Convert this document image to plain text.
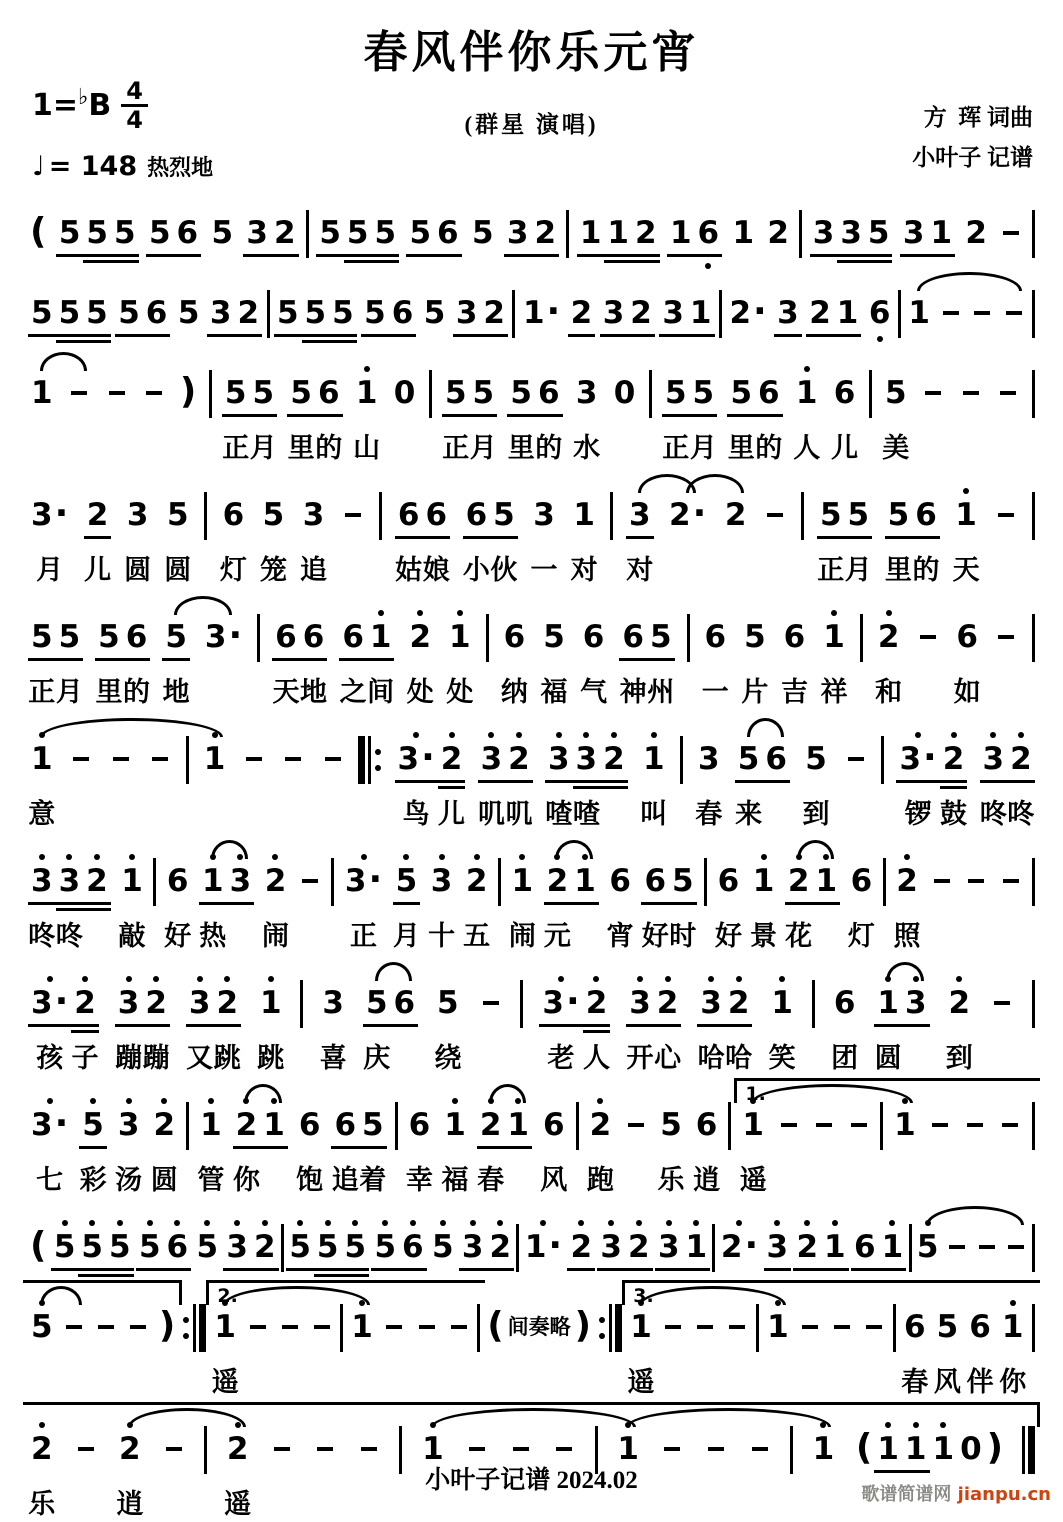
春风伴你乐元宵
1= ♭ B $\frac{4}{4}$	(群星 演唱)
♩ = 148 热烈地
方  珲 词曲
小叶子 记谱
( 5 5 5 5 6 5 3 2 5 5 5 5 6 5 3 2 1 1 2 1 6 1 2 3 3 5 3 1 2
5 5 5 5 6 5 3 2 5 5 5 5 6 5 3 2 1 · 2 3 2 3 1 2 · 3 2 1 6 1
1	) 5 5 5 6 1 0 5 5 5 6 3 0 5 5 5 6 1 6 5
正 月 里 的 山 正 月 里 的 水 正 月 里 的 人 儿 美
3 · 2 3 5 6 5 3 6 6 6 5 3 1 3 2 · 2 5 5 5 6 1
月 儿 圆 圆 灯 笼 追	姑 娘 小 伙 一 对 对	正 月 里 的 天
5 5 5 6 5 3 · 6 6 6 1 2 1 6 5 6 6 5 6 5 6 1 2 6
正 月 里 的 地	天 地 之 间 处 处 纳 福 气 神 州 一 片 吉 祥 和 如
1	1	3 · 2 3 2 3 3 2 1 3 5 6 5 3 · 2 3 2
意	鸟 儿 叽 叽 喳 喳 叫 春 来 到	锣 鼓 咚 咚
3 3 2 1 6 1 3 2 3 · 5 3 2 1 2 1 6 6 5 6 1 2 1 6 2
咚 咚 敲 好 热 闹 正 月 十 五 闹 元 宵 好 时 好 景 花 灯 照
3 · 2 3 2 3 2 1 3 5 6 5	3 · 2 3 2 3 2 1 6 1 3 2
孩 子 蹦 蹦 又 跳 跳 喜 庆 绕	老 人 开 心 哈 哈 笑 团 圆 到
3 · 5 3 2 1 2 1 6 6 5 6 1 2 1 6 2 5 6 1	1
1.
七 彩 汤 圆 管 你 饱 追 着 幸 福 春 风 跑 乐 逍 遥
( 5 5 5 5 6 5 3 2 5 5 5 5 6 5 3 2 1 · 2 3 2 3 1 2 · 3 2 1 6 1 5
5	) 1	1	( 间奏略 ) 1	1	6 5 6 1
2.	3.
遥	遥	春 风 伴 你
2 2	2	1	1	1 ( 1 1 1 0 )
乐 逍	遥
小叶子记谱 2024.02
歌谱简谱网 jianpu.cn
